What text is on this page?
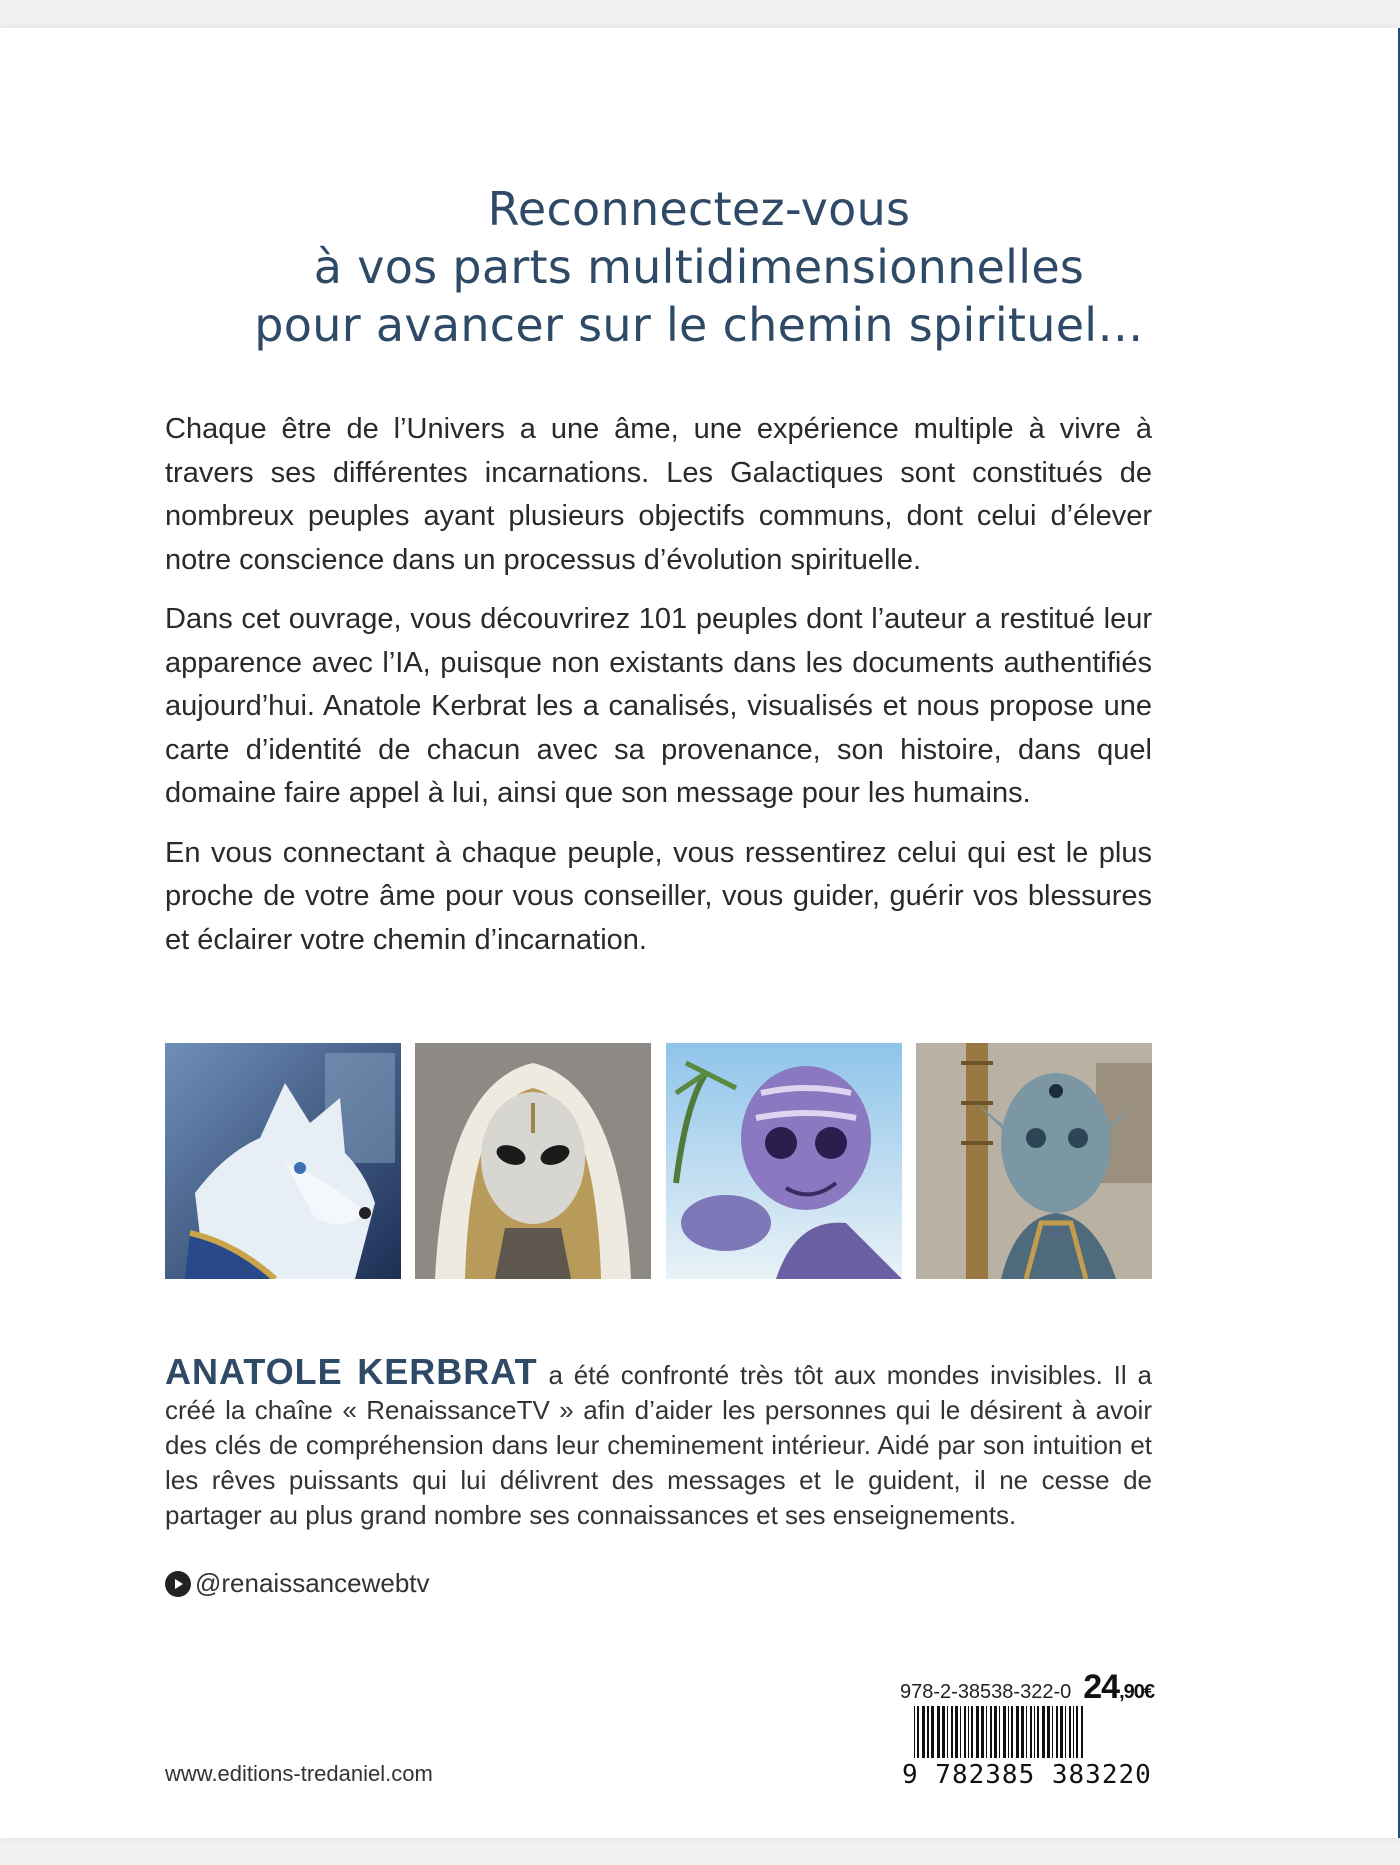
Reconnectez-vous
à vos parts multidimensionnelles
pour avancer sur le chemin spirituel…

Chaque être de l’Univers a une âme, une expérience multiple à vivre à travers ses différentes incarnations. Les Galactiques sont constitués de nombreux peuples ayant plusieurs objectifs communs, dont celui d’élever notre conscience dans un processus d’évolution spirituelle.

Dans cet ouvrage, vous découvrirez 101 peuples dont l’auteur a restitué leur apparence avec l’IA, puisque non existants dans les documents authentifiés aujourd’hui. Anatole Kerbrat les a canalisés, visualisés et nous propose une carte d’identité de chacun avec sa provenance, son histoire, dans quel domaine faire appel à lui, ainsi que son message pour les humains.

En vous connectant à chaque peuple, vous ressentirez celui qui est le plus proche de votre âme pour vous conseiller, vous guider, guérir vos blessures et éclairer votre chemin d’incarnation.

ANATOLE KERBRAT a été confronté très tôt aux mondes invisibles. Il a créé la chaîne « RenaissanceTV » afin d’aider les personnes qui le désirent à avoir des clés de compréhension dans leur cheminement intérieur. Aidé par son intuition et les rêves puissants qui lui délivrent des messages et le guident, il ne cesse de partager au plus grand nombre ses connaissances et ses enseignements.

@renaissancewebtv
978-2-38538-322-0 24,90€
9 782385 383220
www.editions-tredaniel.com
